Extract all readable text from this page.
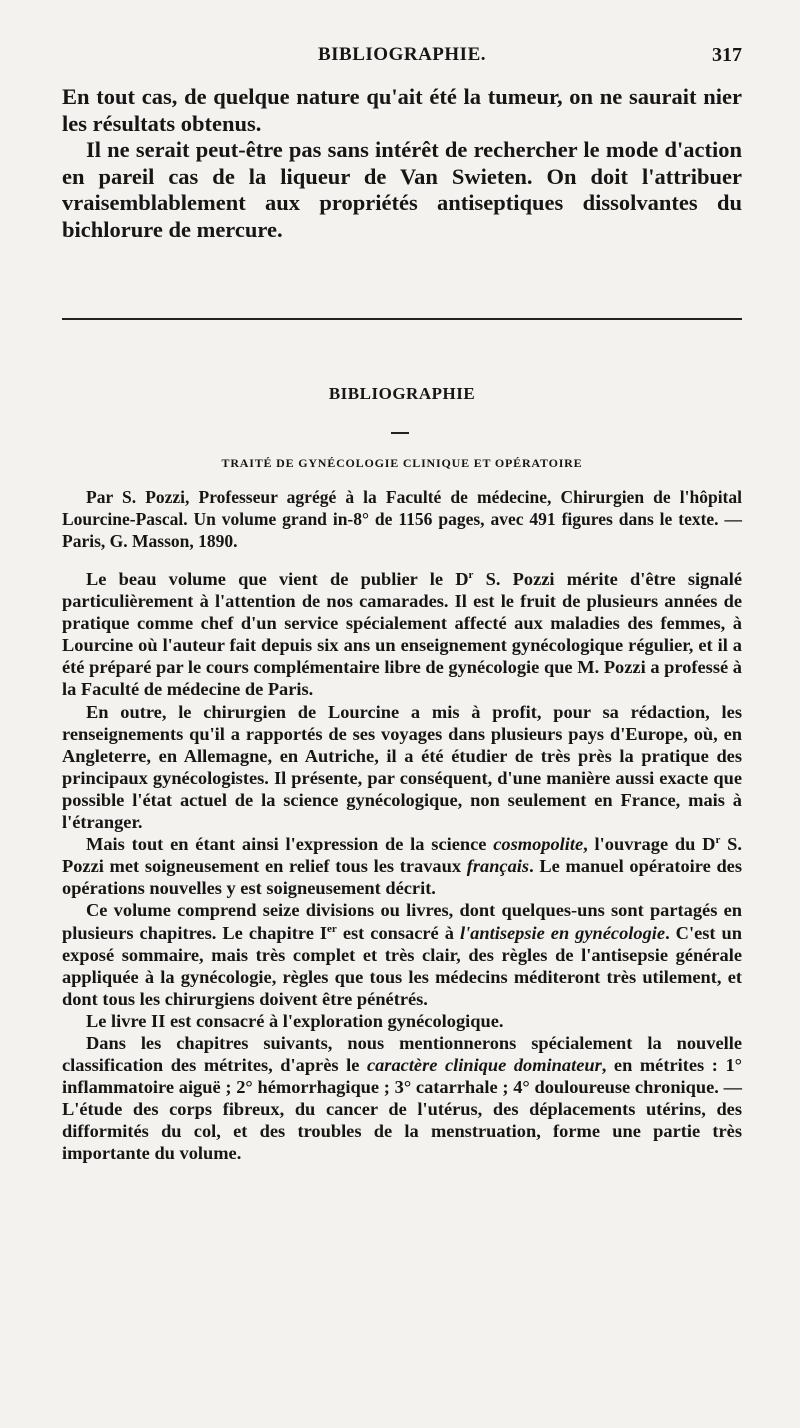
BIBLIOGRAPHIE.	317

En tout cas, de quelque nature qu'ait été la tumeur, on ne saurait nier les résultats obtenus.

Il ne serait peut-être pas sans intérêt de rechercher le mode d'action en pareil cas de la liqueur de Van Swieten. On doit l'attribuer vraisemblablement aux propriétés antiseptiques dissolvantes du bichlorure de mercure.

BIBLIOGRAPHIE
TRAITÉ DE GYNÉCOLOGIE CLINIQUE ET OPÉRATOIRE
Par S. Pozzi, Professeur agrégé à la Faculté de médecine, Chirurgien de l'hôpital Lourcine-Pascal. Un volume grand in-8° de 1156 pages, avec 491 figures dans le texte. — Paris, G. Masson, 1890.

Le beau volume que vient de publier le $D^r$ S. Pozzi mérite d'être signalé particulièrement à l'attention de nos camarades. Il est le fruit de plusieurs années de pratique comme chef d'un service spécialement affecté aux maladies des femmes, à Lourcine où l'auteur fait depuis six ans un enseignement gynécologique régulier, et il a été préparé par le cours complémentaire libre de gynécologie que M. Pozzi a professé à la Faculté de médecine de Paris.

En outre, le chirurgien de Lourcine a mis à profit, pour sa rédaction, les renseignements qu'il a rapportés de ses voyages dans plusieurs pays d'Europe, où, en Angleterre, en Allemagne, en Autriche, il a été étudier de très près la pratique des principaux gynécologistes. Il présente, par conséquent, d'une manière aussi exacte que possible l'état actuel de la science gynécologique, non seulement en France, mais à l'étranger.

Mais tout en étant ainsi l'expression de la science cosmopolite, l'ouvrage du $D^r$ S. Pozzi met soigneusement en relief tous les travaux français. Le manuel opératoire des opérations nouvelles y est soigneusement décrit.

Ce volume comprend seize divisions ou livres, dont quelques-uns sont partagés en plusieurs chapitres. Le chapitre Ier est consacré à l'antisepsie en gynécologie. C'est un exposé sommaire, mais très complet et très clair, des règles de l'antisepsie générale appliquée à la gynécologie, règles que tous les médecins méditeront très utilement, et dont tous les chirurgiens doivent être pénétrés.

Le livre II est consacré à l'exploration gynécologique.

Dans les chapitres suivants, nous mentionnerons spécialement la nouvelle classification des métrites, d'après le caractère clinique dominateur, en métrites : 1° inflammatoire aiguë ; 2° hémorrhagique ; 3° catarrhale ; 4° douloureuse chronique. — L'étude des corps fibreux, du cancer de l'utérus, des déplacements utérins, des difformités du col, et des troubles de la menstruation, forme une partie très importante du volume.
